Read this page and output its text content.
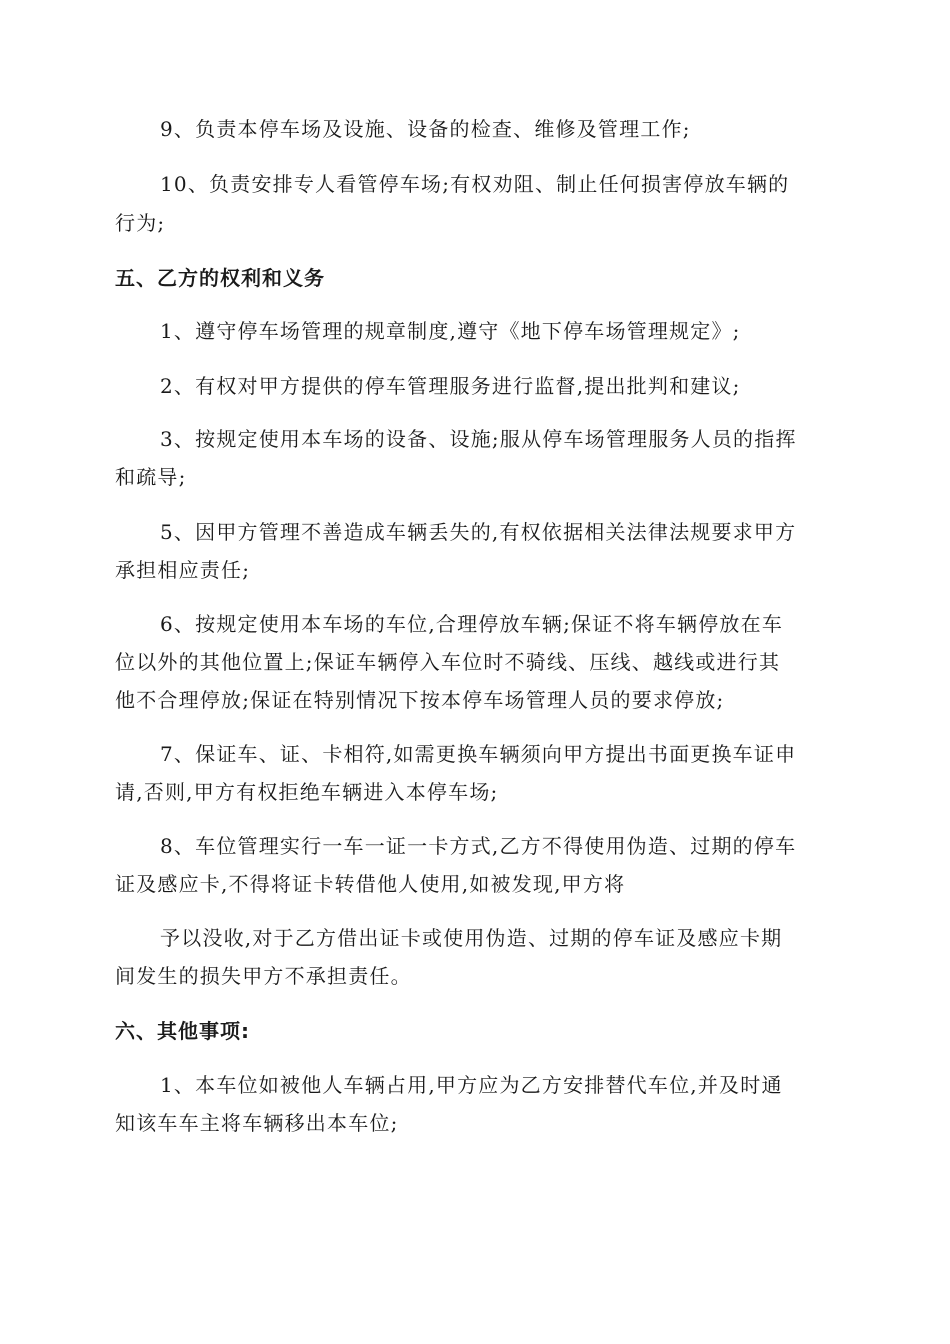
9、负责本停车场及设施、设备的检查、维修及管理工作;
10、负责安排专人看管停车场;有权劝阻、制止任何损害停放车辆的
行为;
五、乙方的权利和义务
1、遵守停车场管理的规章制度,遵守《地下停车场管理规定》;
2、有权对甲方提供的停车管理服务进行监督,提出批判和建议;
3、按规定使用本车场的设备、设施;服从停车场管理服务人员的指挥
和疏导;
5、因甲方管理不善造成车辆丢失的,有权依据相关法律法规要求甲方
承担相应责任;
6、按规定使用本车场的车位,合理停放车辆;保证不将车辆停放在车
位以外的其他位置上;保证车辆停入车位时不骑线、压线、越线或进行其
他不合理停放;保证在特别情况下按本停车场管理人员的要求停放;
7、保证车、证、卡相符,如需更换车辆须向甲方提出书面更换车证申
请,否则,甲方有权拒绝车辆进入本停车场;
8、车位管理实行一车一证一卡方式,乙方不得使用伪造、过期的停车
证及感应卡,不得将证卡转借他人使用,如被发现,甲方将
予以没收,对于乙方借出证卡或使用伪造、过期的停车证及感应卡期
间发生的损失甲方不承担责任。
六、其他事项:
1、本车位如被他人车辆占用,甲方应为乙方安排替代车位,并及时通
知该车车主将车辆移出本车位;
